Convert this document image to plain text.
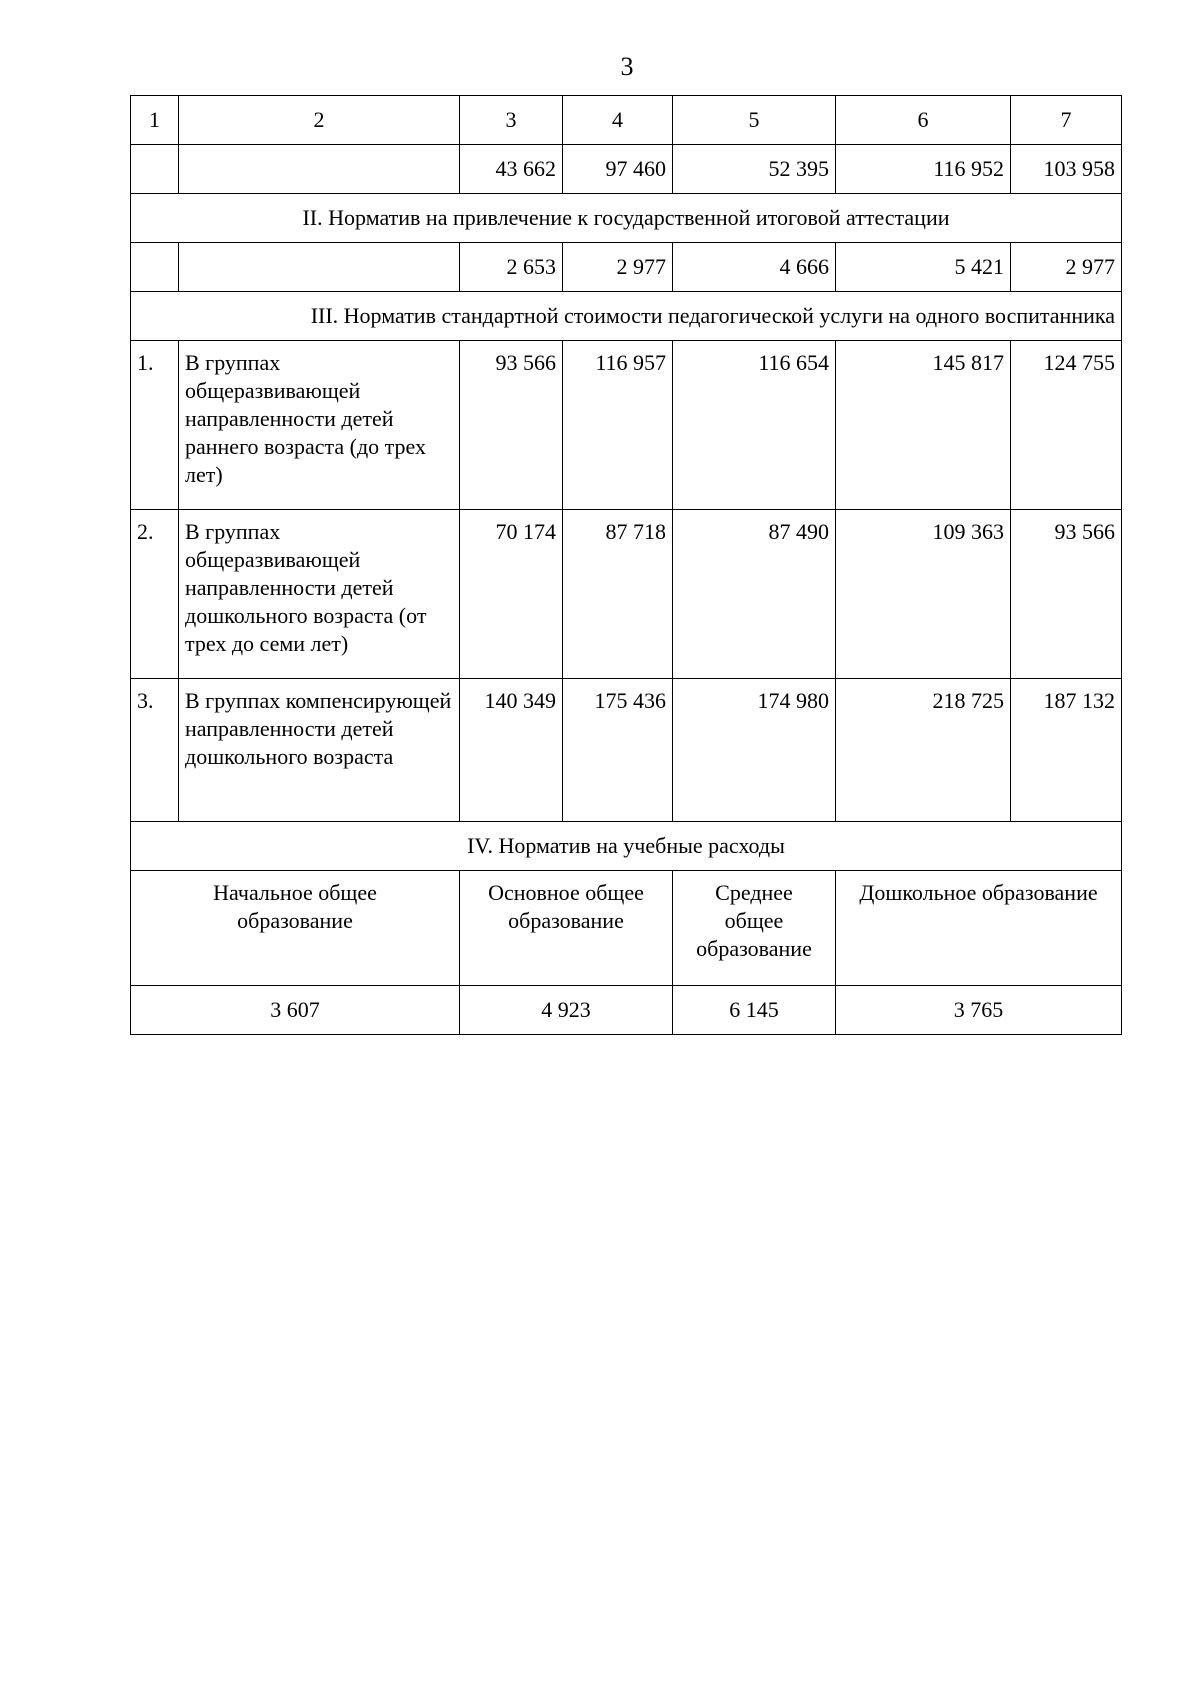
3
1	2	3	4	5	6	7
		43 662	97 460	52 395	116 952	103 958
II. Норматив на привлечение к государственной итоговой аттестации						
		2 653	2 977	4 666	5 421	2 977
III. Норматив стандартной стоимости педагогической услуги на одного воспитанника						
1.	В группах общеразвивающей направленности детей раннего возраста (до трех лет)	93 566	116 957	116 654	145 817	124 755
2.	В группах общеразвивающей направленности детей дошкольного возраста (от трех до семи лет)	70 174	87 718	87 490	109 363	93 566
3.	В группах компенсирующей направленности детей дошкольного возраста	140 349	175 436	174 980	218 725	187 132
IV. Норматив на учебные расходы						
Начальное общее образование		Основное общее образование		Среднее общее образование	Дошкольное образование	
3 607		4 923		6 145	3 765	
